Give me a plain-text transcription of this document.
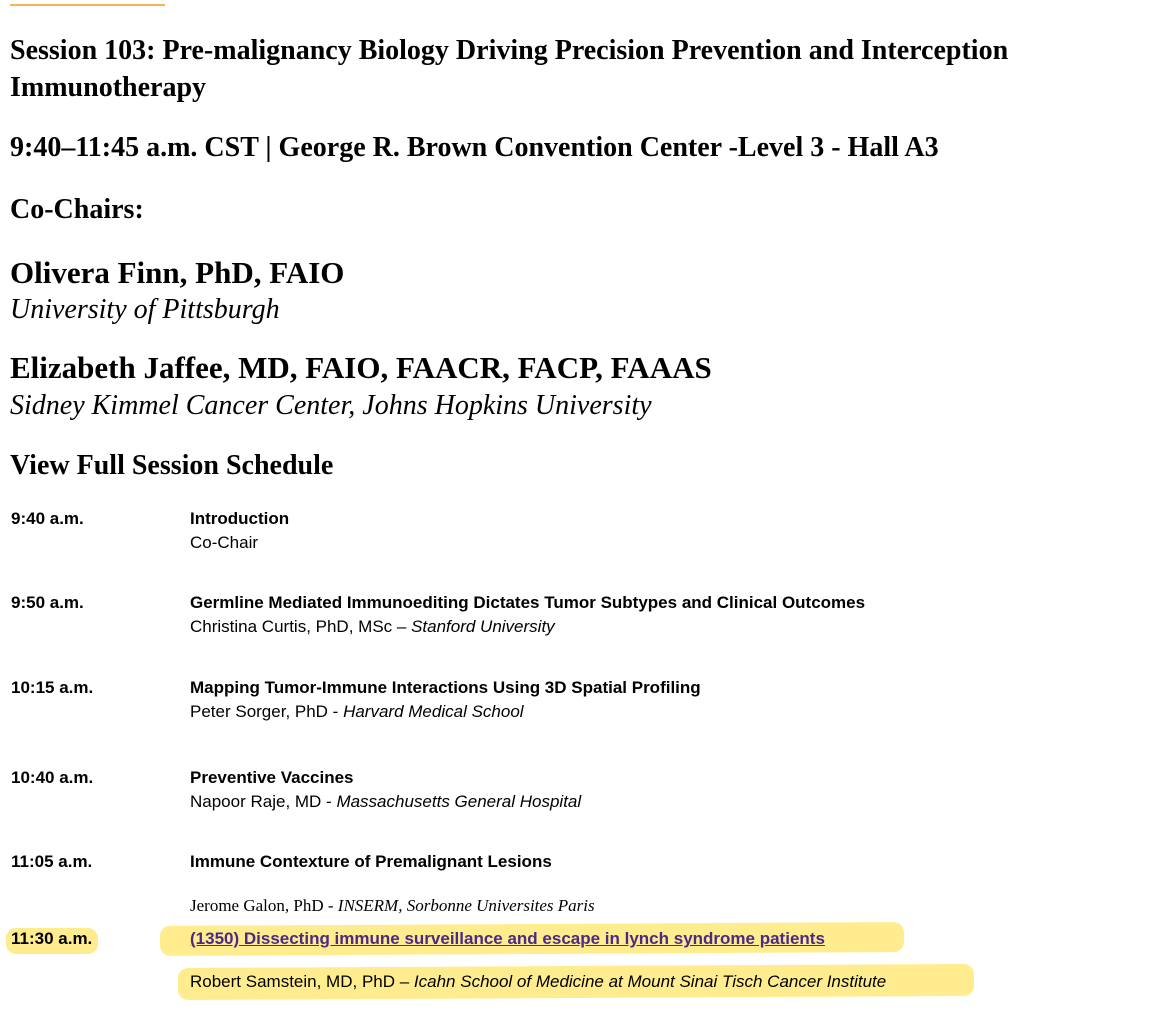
Session 103: Pre-malignancy Biology Driving Precision Prevention and Interception Immunotherapy
9:40–11:45 a.m. CST | George R. Brown Convention Center -Level 3 - Hall A3
Co-Chairs:
Olivera Finn, PhD, FAIO
University of Pittsburgh
Elizabeth Jaffee, MD, FAIO, FAACR, FACP, FAAAS
Sidney Kimmel Cancer Center, Johns Hopkins University
View Full Session Schedule
9:40 a.m.	Introduction
Co-Chair
9:50 a.m.	Germline Mediated Immunoediting Dictates Tumor Subtypes and Clinical Outcomes
Christina Curtis, PhD, MSc – Stanford University
10:15 a.m.	Mapping Tumor-Immune Interactions Using 3D Spatial Profiling
Peter Sorger, PhD - Harvard Medical School
10:40 a.m.	Preventive Vaccines
Napoor Raje, MD - Massachusetts General Hospital
11:05 a.m.	Immune Contexture of Premalignant Lesions
Jerome Galon, PhD - INSERM, Sorbonne Universites Paris
11:30 a.m.	(1350) Dissecting immune surveillance and escape in lynch syndrome patients
Robert Samstein, MD, PhD – Icahn School of Medicine at Mount Sinai Tisch Cancer Institute
